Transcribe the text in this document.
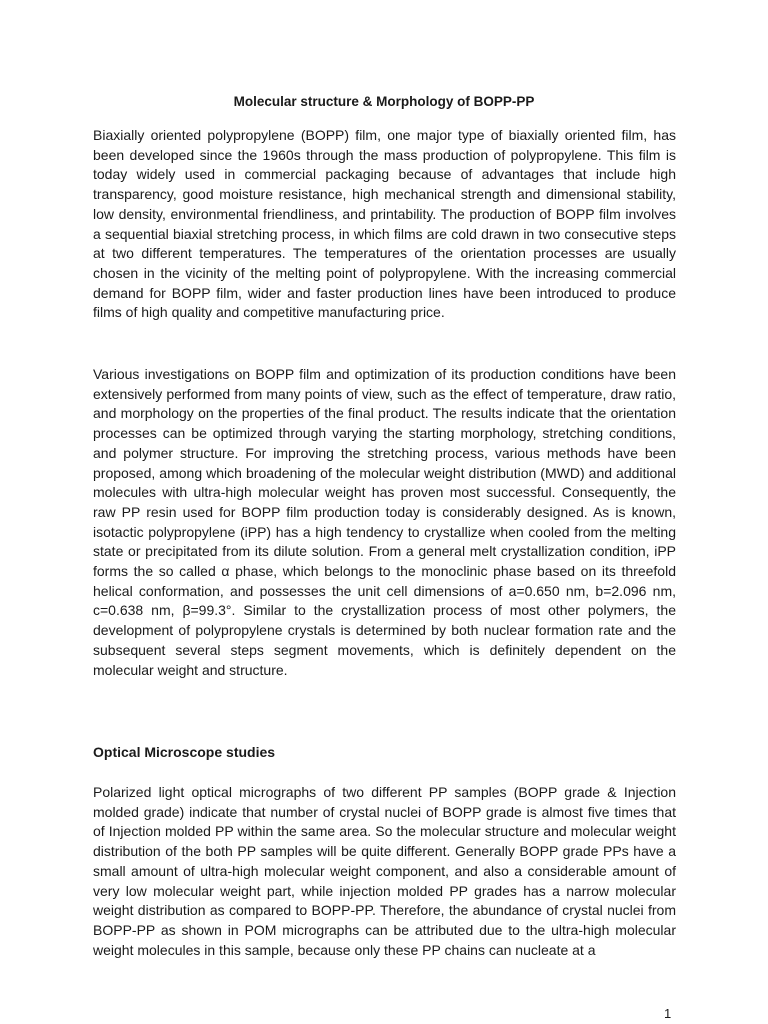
Molecular structure & Morphology of BOPP-PP

Biaxially oriented polypropylene (BOPP) film, one major type of biaxially oriented film, has been developed since the 1960s through the mass production of polypropylene. This film is today widely used in commercial packaging because of advantages that include high transparency, good moisture resistance, high mechanical strength and dimensional stability, low density, environmental friendliness, and printability. The production of BOPP film involves a sequential biaxial stretching process, in which films are cold drawn in two consecutive steps at two different temperatures. The temperatures of the orientation processes are usually chosen in the vicinity of the melting point of polypropylene. With the increasing commercial demand for BOPP film, wider and faster production lines have been introduced to produce films of high quality and competitive manufacturing price.

Various investigations on BOPP film and optimization of its production conditions have been extensively performed from many points of view, such as the effect of temperature, draw ratio, and morphology on the properties of the final product. The results indicate that the orientation processes can be optimized through varying the starting morphology, stretching conditions, and polymer structure. For improving the stretching process, various methods have been proposed, among which broadening of the molecular weight distribution (MWD) and additional molecules with ultra-high molecular weight has proven most successful. Consequently, the raw PP resin used for BOPP film production today is considerably designed. As is known, isotactic polypropylene (iPP) has a high tendency to crystallize when cooled from the melting state or precipitated from its dilute solution. From a general melt crystallization condition, iPP forms the so called α phase, which belongs to the monoclinic phase based on its threefold helical conformation, and possesses the unit cell dimensions of a=0.650 nm, b=2.096 nm, c=0.638 nm, β=99.3°. Similar to the crystallization process of most other polymers, the development of polypropylene crystals is determined by both nuclear formation rate and the subsequent several steps segment movements, which is definitely dependent on the molecular weight and structure.

Optical Microscope studies

Polarized light optical micrographs of two different PP samples (BOPP grade & Injection molded grade) indicate that number of crystal nuclei of BOPP grade is almost five times that of Injection molded PP within the same area. So the molecular structure and molecular weight distribution of the both PP samples will be quite different. Generally BOPP grade PPs have a small amount of ultra-high molecular weight component, and also a considerable amount of very low molecular weight part, while injection molded PP grades has a narrow molecular weight distribution as compared to BOPP-PP. Therefore, the abundance of crystal nuclei from BOPP-PP as shown in POM micrographs can be attributed due to the ultra-high molecular weight molecules in this sample, because only these PP chains can nucleate at a

1
